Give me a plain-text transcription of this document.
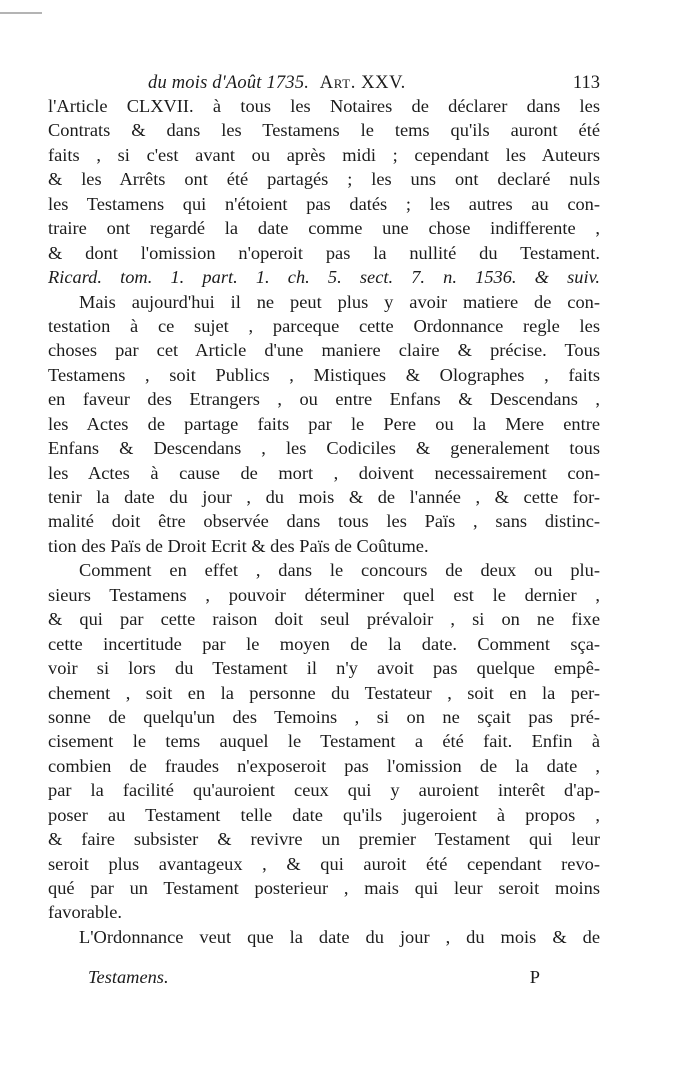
du mois d'Août 1735. Art. XXV.	113
l'Article CLXVII. à tous les Notaires de déclarer dans les
Contrats & dans les Testamens le tems qu'ils auront été
faits , si c'est avant ou après midi ; cependant les Auteurs
& les Arrêts ont été partagés ; les uns ont declaré nuls
les Testamens qui n'étoient pas datés ; les autres au con-
traire ont regardé la date comme une chose indifferente ,
& dont l'omission n'operoit pas la nullité du Testament.
Ricard. tom. 1. part. 1. ch. 5. sect. 7. n. 1536. & suiv.
Mais aujourd'hui il ne peut plus y avoir matiere de con-
testation à ce sujet , parceque cette Ordonnance regle les
choses par cet Article d'une maniere claire & précise. Tous
Testamens , soit Publics , Mistiques & Olographes , faits
en faveur des Etrangers , ou entre Enfans & Descendans ,
les Actes de partage faits par le Pere ou la Mere entre
Enfans & Descendans , les Codiciles & generalement tous
les Actes à cause de mort , doivent necessairement con-
tenir la date du jour , du mois & de l'année , & cette for-
malité doit être observée dans tous les Païs , sans distinc-
tion des Païs de Droit Ecrit & des Païs de Coûtume.
Comment en effet , dans le concours de deux ou plu-
sieurs Testamens , pouvoir déterminer quel est le dernier ,
& qui par cette raison doit seul prévaloir , si on ne fixe
cette incertitude par le moyen de la date. Comment sça-
voir si lors du Testament il n'y avoit pas quelque empê-
chement , soit en la personne du Testateur , soit en la per-
sonne de quelqu'un des Temoins , si on ne sçait pas pré-
cisement le tems auquel le Testament a été fait. Enfin à
combien de fraudes n'exposeroit pas l'omission de la date ,
par la facilité qu'auroient ceux qui y auroient interêt d'ap-
poser au Testament telle date qu'ils jugeroient à propos ,
& faire subsister & revivre un premier Testament qui leur
seroit plus avantageux , & qui auroit été cependant revo-
qué par un Testament posterieur , mais qui leur seroit moins
favorable.
L'Ordonnance veut que la date du jour , du mois & de
Testamens.	P
